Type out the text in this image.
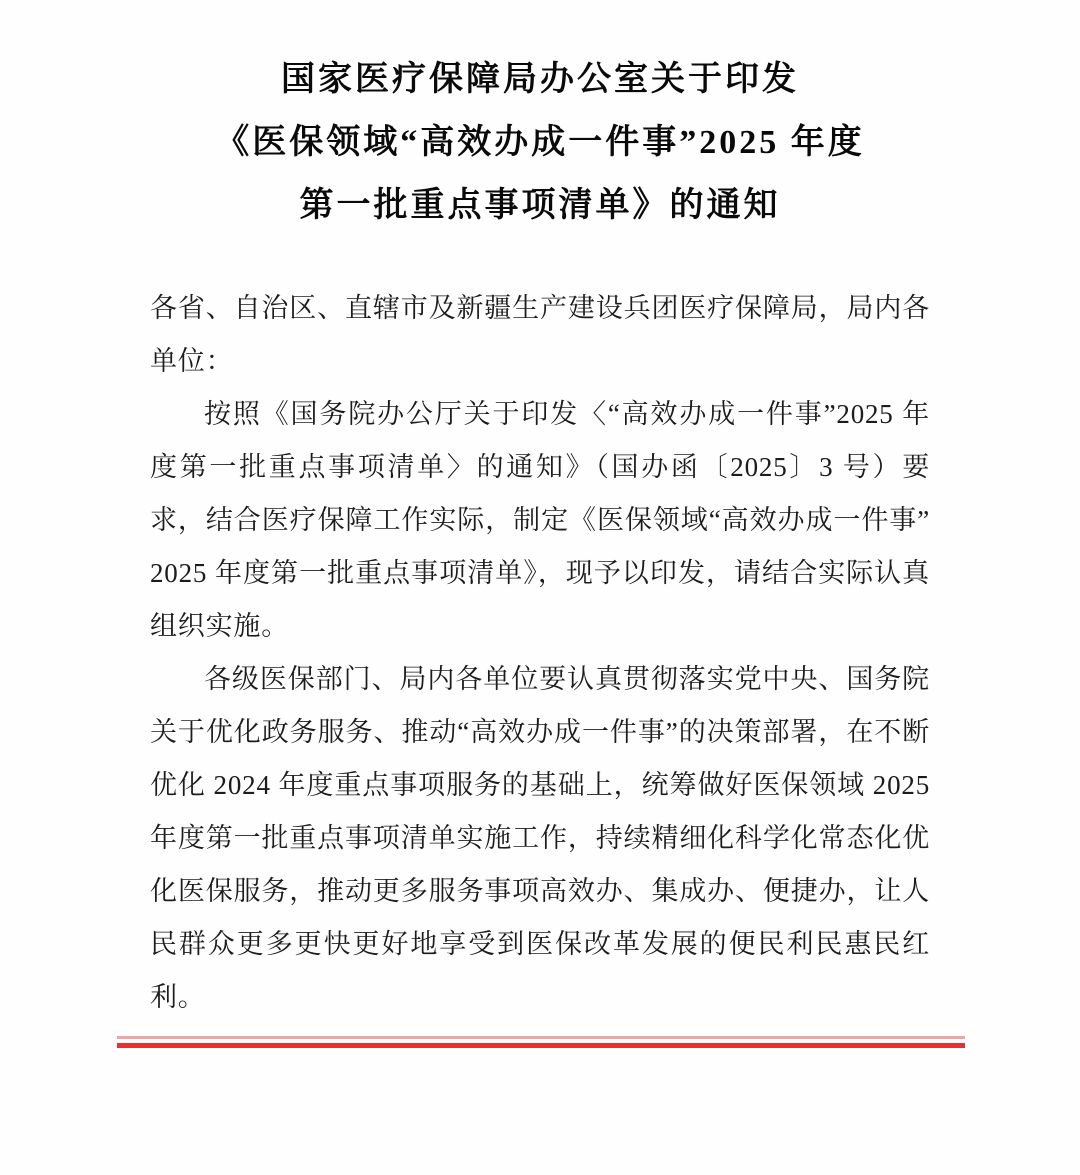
国家医疗保障局办公室关于印发
《医保领域“高效办成一件事”2025 年度
第一批重点事项清单》的通知

各省、自治区、直辖市及新疆生产建设兵团医疗保障局，局内各单位：

按照《国务院办公厅关于印发〈“高效办成一件事”2025 年度第一批重点事项清单〉的通知》（国办函〔2025〕3 号）要求，结合医疗保障工作实际，制定《医保领域“高效办成一件事”2025 年度第一批重点事项清单》，现予以印发，请结合实际认真组织实施。

各级医保部门、局内各单位要认真贯彻落实党中央、国务院关于优化政务服务、推动“高效办成一件事”的决策部署，在不断优化 2024 年度重点事项服务的基础上，统筹做好医保领域 2025 年度第一批重点事项清单实施工作，持续精细化科学化常态化优化医保服务，推动更多服务事项高效办、集成办、便捷办，让人民群众更多更快更好地享受到医保改革发展的便民利民惠民红利。
